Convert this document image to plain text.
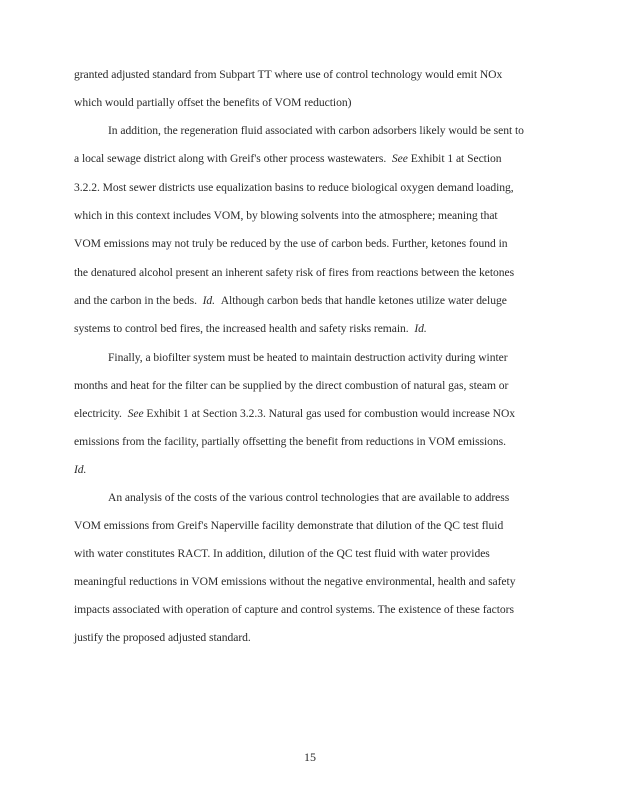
granted adjusted standard from Subpart TT where use of control technology would emit NOx
which would partially offset the benefits of VOM reduction)
In addition, the regeneration fluid associated with carbon adsorbers likely would be sent to
a local sewage district along with Greif's other process wastewaters. See Exhibit 1 at Section
3.2.2. Most sewer districts use equalization basins to reduce biological oxygen demand loading,
which in this context includes VOM, by blowing solvents into the atmosphere; meaning that
VOM emissions may not truly be reduced by the use of carbon beds. Further, ketones found in
the denatured alcohol present an inherent safety risk of fires from reactions between the ketones
and the carbon in the beds. Id. Although carbon beds that handle ketones utilize water deluge
systems to control bed fires, the increased health and safety risks remain. Id.
Finally, a biofilter system must be heated to maintain destruction activity during winter
months and heat for the filter can be supplied by the direct combustion of natural gas, steam or
electricity. See Exhibit 1 at Section 3.2.3. Natural gas used for combustion would increase NOx
emissions from the facility, partially offsetting the benefit from reductions in VOM emissions.
Id.
An analysis of the costs of the various control technologies that are available to address
VOM emissions from Greif's Naperville facility demonstrate that dilution of the QC test fluid
with water constitutes RACT. In addition, dilution of the QC test fluid with water provides
meaningful reductions in VOM emissions without the negative environmental, health and safety
impacts associated with operation of capture and control systems. The existence of these factors
justify the proposed adjusted standard.
15
